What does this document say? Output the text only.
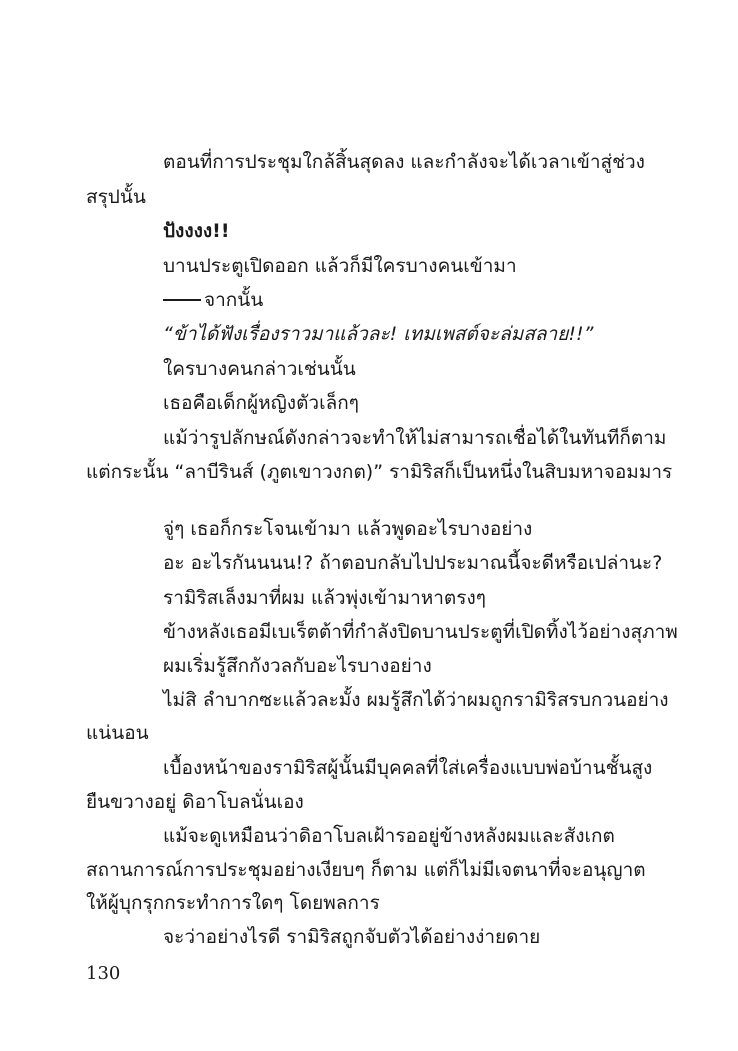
ตอนที่การประชุมใกล้สิ้นสุดลง และกำลังจะได้เวลาเข้าสู่ช่วง
สรุปนั้น
ปังงงง!!
บานประตูเปิดออก แล้วก็มีใครบางคนเข้ามา
จากนั้น
“ข้าได้ฟังเรื่องราวมาแล้วละ! เทมเพสต์จะล่มสลาย!!”
ใครบางคนกล่าวเช่นนั้น
เธอคือเด็กผู้หญิงตัวเล็กๆ
แม้ว่ารูปลักษณ์ดังกล่าวจะทำให้ไม่สามารถเชื่อได้ในทันทีก็ตาม
แต่กระนั้น “ลาบีรินส์ (ภูตเขาวงกต)” รามิริสก็เป็นหนึ่งในสิบมหาจอมมาร
จู่ๆ เธอก็กระโจนเข้ามา แล้วพูดอะไรบางอย่าง
อะ อะไรกันนนน!? ถ้าตอบกลับไปประมาณนี้จะดีหรือเปล่านะ?
รามิริสเล็งมาที่ผม แล้วพุ่งเข้ามาหาตรงๆ
ข้างหลังเธอมีเบเร็ตต้าที่กำลังปิดบานประตูที่เปิดทิ้งไว้อย่างสุภาพ
ผมเริ่มรู้สึกกังวลกับอะไรบางอย่าง
ไม่สิ ลำบากซะแล้วละมั้ง ผมรู้สึกได้ว่าผมถูกรามิริสรบกวนอย่าง
แน่นอน
เบื้องหน้าของรามิริสผู้นั้นมีบุคคลที่ใส่เครื่องแบบพ่อบ้านชั้นสูง
ยืนขวางอยู่ ดิอาโบลนั่นเอง
แม้จะดูเหมือนว่าดิอาโบลเฝ้ารออยู่ข้างหลังผมและสังเกต
สถานการณ์การประชุมอย่างเงียบๆ ก็ตาม แต่ก็ไม่มีเจตนาที่จะอนุญาต
ให้ผู้บุกรุกกระทำการใดๆ โดยพลการ
จะว่าอย่างไรดี รามิริสถูกจับตัวได้อย่างง่ายดาย
130
